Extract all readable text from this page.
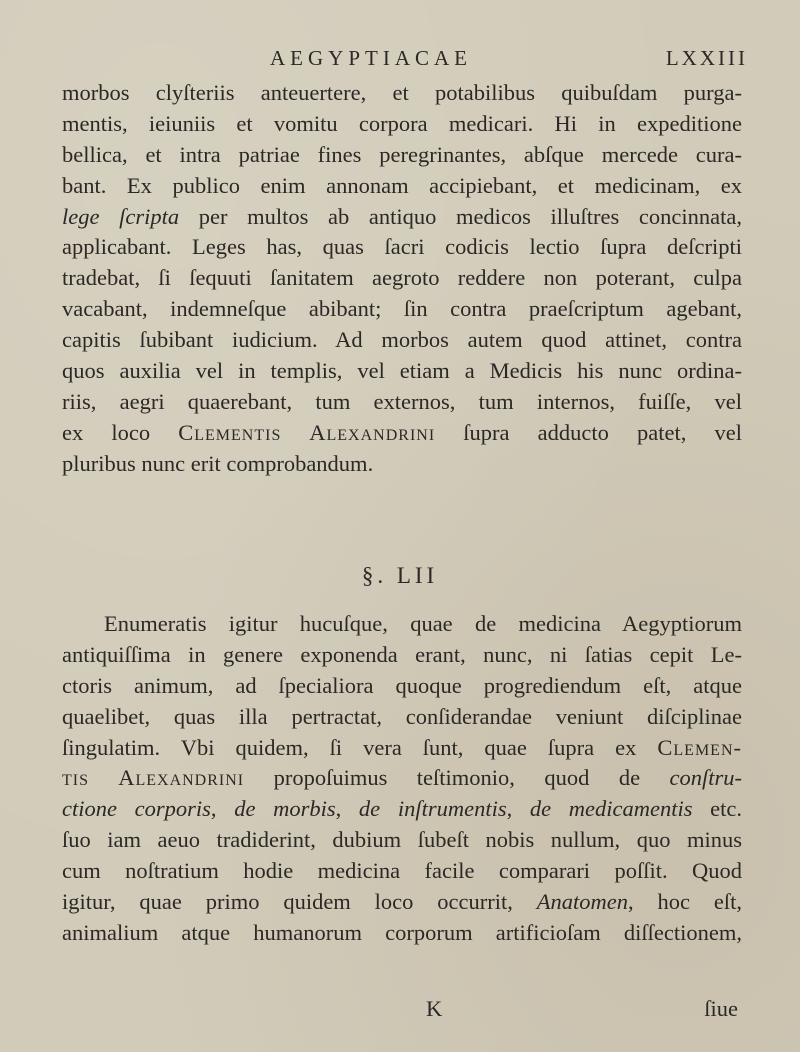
AEGYPTIACAE	LXXIII
morbos clyſteriis anteuertere, et potabilibus quibuſdam purga-
mentis, ieiuniis et vomitu corpora medicari. Hi in expeditione
bellica, et intra patriae fines peregrinantes, abſque mercede cura-
bant. Ex publico enim annonam accipiebant, et medicinam, ex
lege ſcripta per multos ab antiquo medicos illuſtres concinnata,
applicabant. Leges has, quas ſacri codicis lectio ſupra deſcripti
tradebat, ſi ſequuti ſanitatem aegroto reddere non poterant, culpa
vacabant, indemneſque abibant; ſin contra praeſcriptum agebant,
capitis ſubibant iudicium. Ad morbos autem quod attinet, contra
quos auxilia vel in templis, vel etiam a Medicis his nunc ordina-
riis, aegri quaerebant, tum externos, tum internos, fuiſſe, vel
ex loco Clementis Alexandrini ſupra adducto patet, vel
pluribus nunc erit comprobandum.
§. LII
Enumeratis igitur hucuſque, quae de medicina Aegyptiorum
antiquiſſima in genere exponenda erant, nunc, ni ſatias cepit Le-
ctoris animum, ad ſpecialiora quoque progrediendum eſt, atque
quaelibet, quas illa pertractat, conſiderandae veniunt diſciplinae
ſingulatim. Vbi quidem, ſi vera ſunt, quae ſupra ex Clemen-
tis Alexandrini propoſuimus teſtimonio, quod de conſtru-
ctione corporis, de morbis, de inſtrumentis, de medicamentis etc.
ſuo iam aeuo tradiderint, dubium ſubeſt nobis nullum, quo minus
cum noſtratium hodie medicina facile comparari poſſit. Quod
igitur, quae primo quidem loco occurrit, Anatomen, hoc eſt,
animalium atque humanorum corporum artificioſam diſſectionem,
K	ſiue
